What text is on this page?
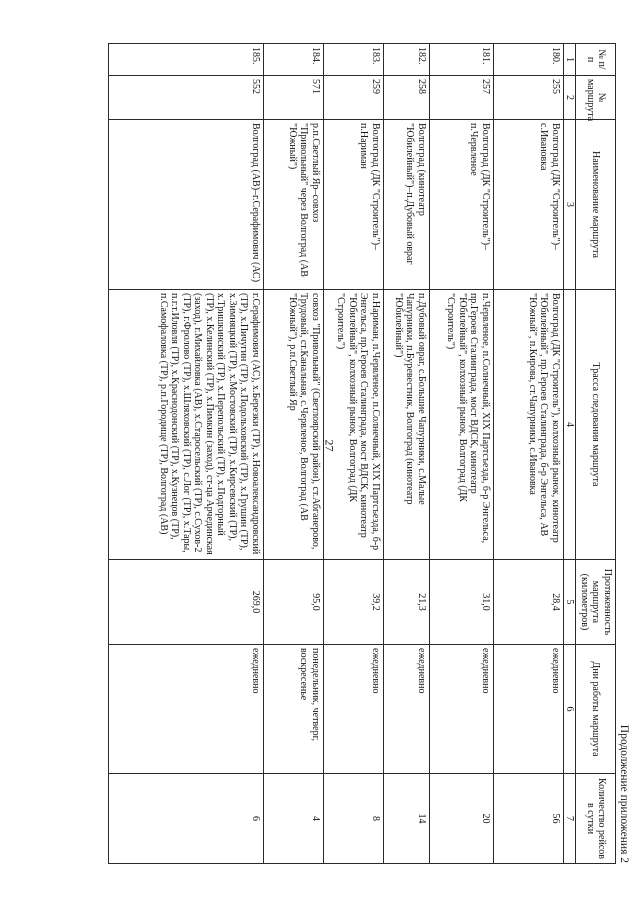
27
Продолжение приложения 2
№ п/п	№ маршрута	Наименование маршрута	Трасса следования маршрута	Протяженность маршрута (километров)	Дни работы маршрута	Количество рейсов в сутки
1	2	3	4	5	6	7
180.	255	Волгоград (ДК "Строитель")–с.Ивановка	Волгоград (ДК "Строитель"), колхозный рынок, кинотеатр "Юбилейный", пр.Героев Сталинграда, б-р Энгельса, АВ "Южный", п.Кирова, ст.Чапурники, с.Ивановка	28,4	ежедневно	56
181.	257	Волгоград (ДК "Строитель")–п.Червленое	п.Червленое, п.Солнечный, XIX Партсъезда, б-р Энгельса, пр.Героев Сталинграда, мост ВДСК, кинотеатр "Юбилейный", колхозный рынок, Волгоград (ДК "Строитель")	31,0	ежедневно	20
182.	258	Волгоград (кинотеатр "Юбилейный")–п.Дубовый овраг	п.Дубовый овраг, с.Большие Чапурники, с.Малые Чапурники, п.Буревестник, Волгоград (кинотеатр "Юбилейный")	21,3	ежедневно	14
183.	259	Волгоград (ДК "Строитель")–п.Нариман	п.Нариман, п.Червленое, п.Солнечный, XIX Партсъезда, б-р Энгельса, пр.Героев Сталинграда, мост ВДСК, кинотеатр "Юбилейный", колхозный рынок, Волгоград (ДК "Строитель")	39,2	ежедневно	8
184.	571	р.п.Светлый Яр–совхоз "Привольный" через Волгоград (АВ "Южный")	совхоз "Привольный" (Светлоярский район), ст.Абганерово, Трудовый, ст.Канальная, с.Червленое, Волгоград (АВ "Южный"), р.п.Светлый Яр	95,0	понедельник, четверг, воскресенье	4
185.	552	Волгоград (АВ)–г.Серафимович (АС)	г.Серафимович (АС), х.Березки (ТР), х.Новоалександровский (ТР), х.Пичугин (ТР), х.Подольховский (ТР), х.Грушин (ТР), х.Зимняцкий (ТР), х.Мостовский (ТР), х.Кирсевский (ТР), х.Тришкинский (ТР), х.Перепольский (ТР), х.Подгорный (ТР), х.Келинский (ТР), х.Пимкин (заход), ст-ца Арчединская (заход), г.Михайловка (АВ), х.Старосельский (ТР), с.Сухов-2 (ТР), г.Фролово (ТР), х.Шляховский (ТР), с.Лог (ТР), х.Тары, п.г.т.Иловля (ТР), х.Краснодонский (ТР), х.Кузнецов (ТР), п.Самофаловка (ТР), р.п.Городище (ТР), Волгоград (АВ)	269,0	ежедневно	6
